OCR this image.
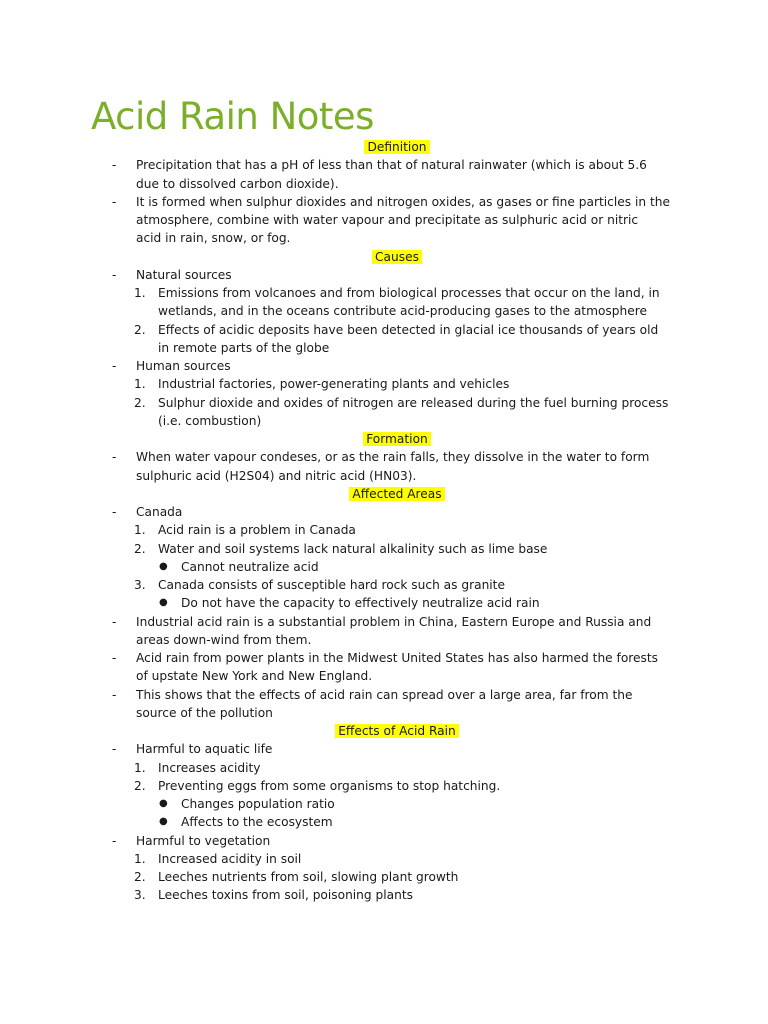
Acid Rain Notes
Definition
- Precipitation that has a pH of less than that of natural rainwater (which is about 5.6
due to dissolved carbon dioxide).
- It is formed when sulphur dioxides and nitrogen oxides, as gases or fine particles in the
atmosphere, combine with water vapour and precipitate as sulphuric acid or nitric
acid in rain, snow, or fog.
Causes
- Natural sources
1. Emissions from volcanoes and from biological processes that occur on the land, in
wetlands, and in the oceans contribute acid-producing gases to the atmosphere
2. Effects of acidic deposits have been detected in glacial ice thousands of years old
in remote parts of the globe
- Human sources
1. Industrial factories, power-generating plants and vehicles
2. Sulphur dioxide and oxides of nitrogen are released during the fuel burning process
(i.e. combustion)
Formation
- When water vapour condeses, or as the rain falls, they dissolve in the water to form
sulphuric acid (H2S04) and nitric acid (HN03).
Affected Areas
- Canada
1. Acid rain is a problem in Canada
2. Water and soil systems lack natural alkalinity such as lime base
● Cannot neutralize acid
3. Canada consists of susceptible hard rock such as granite
● Do not have the capacity to effectively neutralize acid rain
- Industrial acid rain is a substantial problem in China, Eastern Europe and Russia and
areas down-wind from them.
- Acid rain from power plants in the Midwest United States has also harmed the forests
of upstate New York and New England.
- This shows that the effects of acid rain can spread over a large area, far from the
source of the pollution
Effects of Acid Rain
- Harmful to aquatic life
1. Increases acidity
2. Preventing eggs from some organisms to stop hatching.
● Changes population ratio
● Affects to the ecosystem
- Harmful to vegetation
1. Increased acidity in soil
2. Leeches nutrients from soil, slowing plant growth
3. Leeches toxins from soil, poisoning plants
